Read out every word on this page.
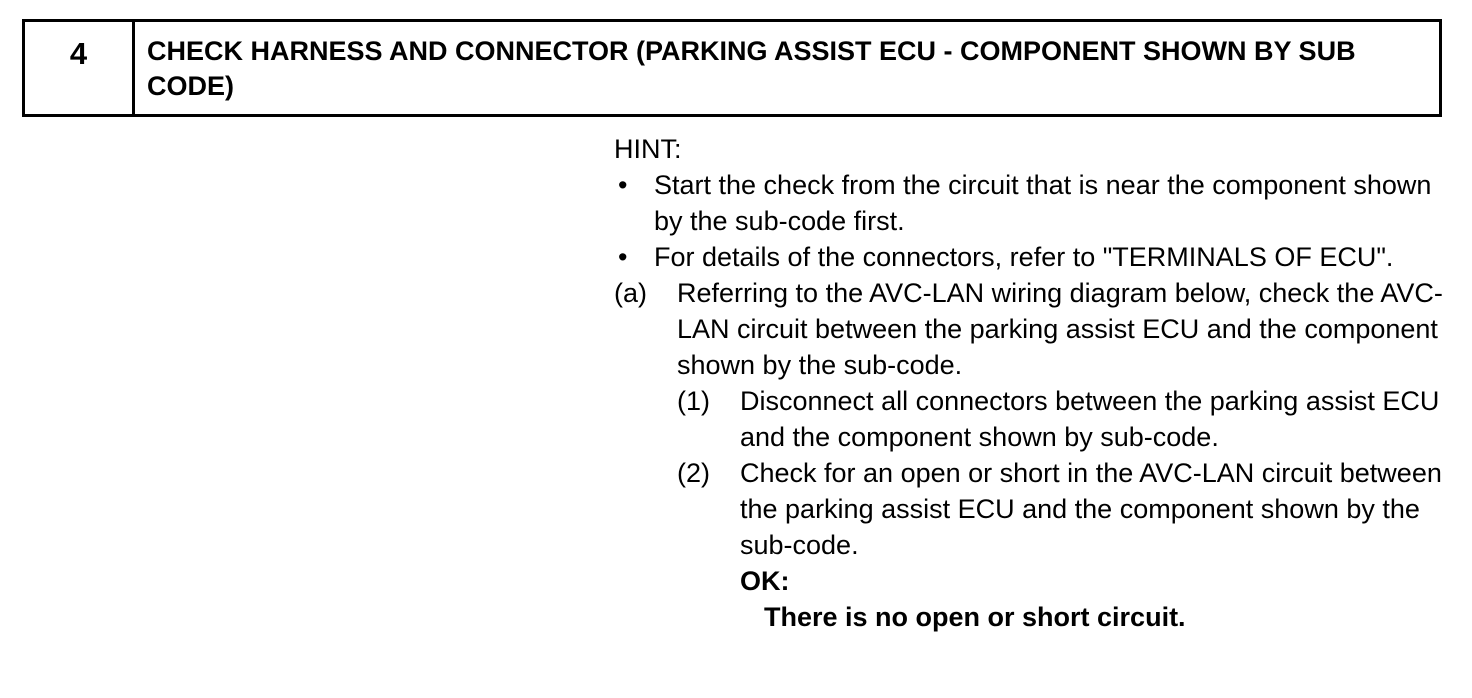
4	CHECK HARNESS AND CONNECTOR (PARKING ASSIST ECU - COMPONENT SHOWN BY SUB CODE)
HINT:
• Start the check from the circuit that is near the component shown by the sub-code first.
• For details of the connectors, refer to "TERMINALS OF ECU".
(a)	Referring to the AVC-LAN wiring diagram below, check the AVC-LAN circuit between the parking assist ECU and the component shown by the sub-code.
(1)	Disconnect all connectors between the parking assist ECU and the component shown by sub-code.
(2)	Check for an open or short in the AVC-LAN circuit between the parking assist ECU and the component shown by the sub-code.
OK:
There is no open or short circuit.
